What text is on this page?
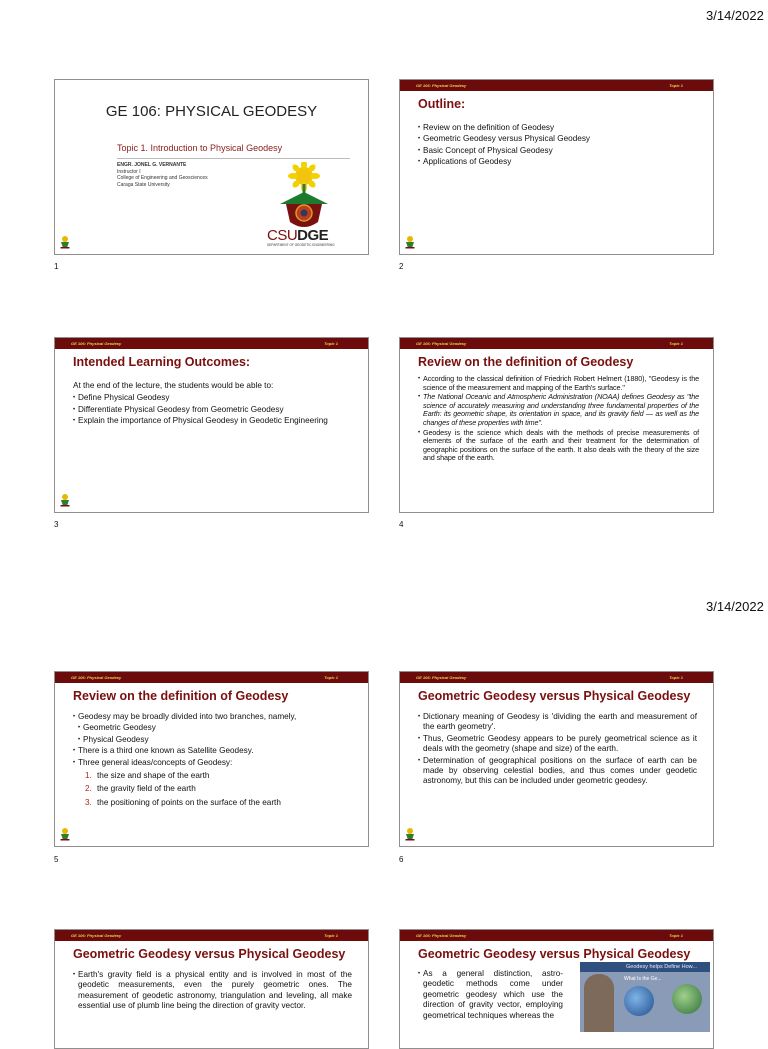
3/14/2022
3/14/2022
GE 106: PHYSICAL GEODESY
Topic 1. Introduction to Physical Geodesy
ENGR. JONEL G. VERNANTE
Instructor I
College of Engineering and Geosciences
Caraga State University
CSUDGE
DEPARTMENT OF GEODETIC ENGINEERING
1
GE 106: Physical Geodesy	Topic 1
Outline:
• Review on the definition of Geodesy
• Geometric Geodesy versus Physical Geodesy
• Basic Concept of Physical Geodesy
• Applications of Geodesy
2
GE 106: Physical Geodesy	Topic 1
Intended Learning Outcomes:
At the end of the lecture, the students would be able to:
• Define Physical Geodesy
• Differentiate Physical Geodesy from Geometric Geodesy
• Explain the importance of Physical Geodesy in Geodetic Engineering
3
GE 106: Physical Geodesy	Topic 1
Review on the definition of Geodesy
• According to the classical definition of Friedrich Robert Helmert (1880), "Geodesy is the science of the measurement and mapping of the Earth's surface."
• The National Oceanic and Atmospheric Administration (NOAA) defines Geodesy as "the science of accurately measuring and understanding three fundamental properties of the Earth: its geometric shape, its orientation in space, and its gravity field — as well as the changes of these properties with time".
• Geodesy is the science which deals with the methods of precise measurements of elements of the surface of the earth and their treatment for the determination of geographic positions on the surface of the earth. It also deals with the theory of the size and shape of the earth.
4
GE 106: Physical Geodesy	Topic 1
Review on the definition of Geodesy
• Geodesy may be broadly divided into two branches, namely,
• Geometric Geodesy
• Physical Geodesy
• There is a third one known as Satellite Geodesy.
• Three general ideas/concepts of Geodesy:
1. the size and shape of the earth
2. the gravity field of the earth
3. the positioning of points on the surface of the earth
5
GE 106: Physical Geodesy	Topic 1
Geometric Geodesy versus Physical Geodesy
• Dictionary meaning of Geodesy is 'dividing the earth and measurement of the earth geometry'.
• Thus, Geometric Geodesy appears to be purely geometrical science as it deals with the geometry (shape and size) of the earth.
• Determination of geographical positions on the surface of earth can be made by observing celestial bodies, and thus comes under geodetic astronomy, but this can be included under geometric geodesy.
6
GE 106: Physical Geodesy	Topic 1
Geometric Geodesy versus Physical Geodesy
• Earth's gravity field is a physical entity and is involved in most of the geodetic measurements, even the purely geometric ones. The measurement of geodetic astronomy, triangulation and leveling, all make essential use of plumb line being the direction of gravity vector.
GE 106: Physical Geodesy	Topic 1
Geometric Geodesy versus Physical Geodesy
• As a general distinction, astro-geodetic methods come under geometric geodesy which use the direction of gravity vector, employing geometrical techniques whereas the
Geodesy helps Define How...
What Is the Ge...
